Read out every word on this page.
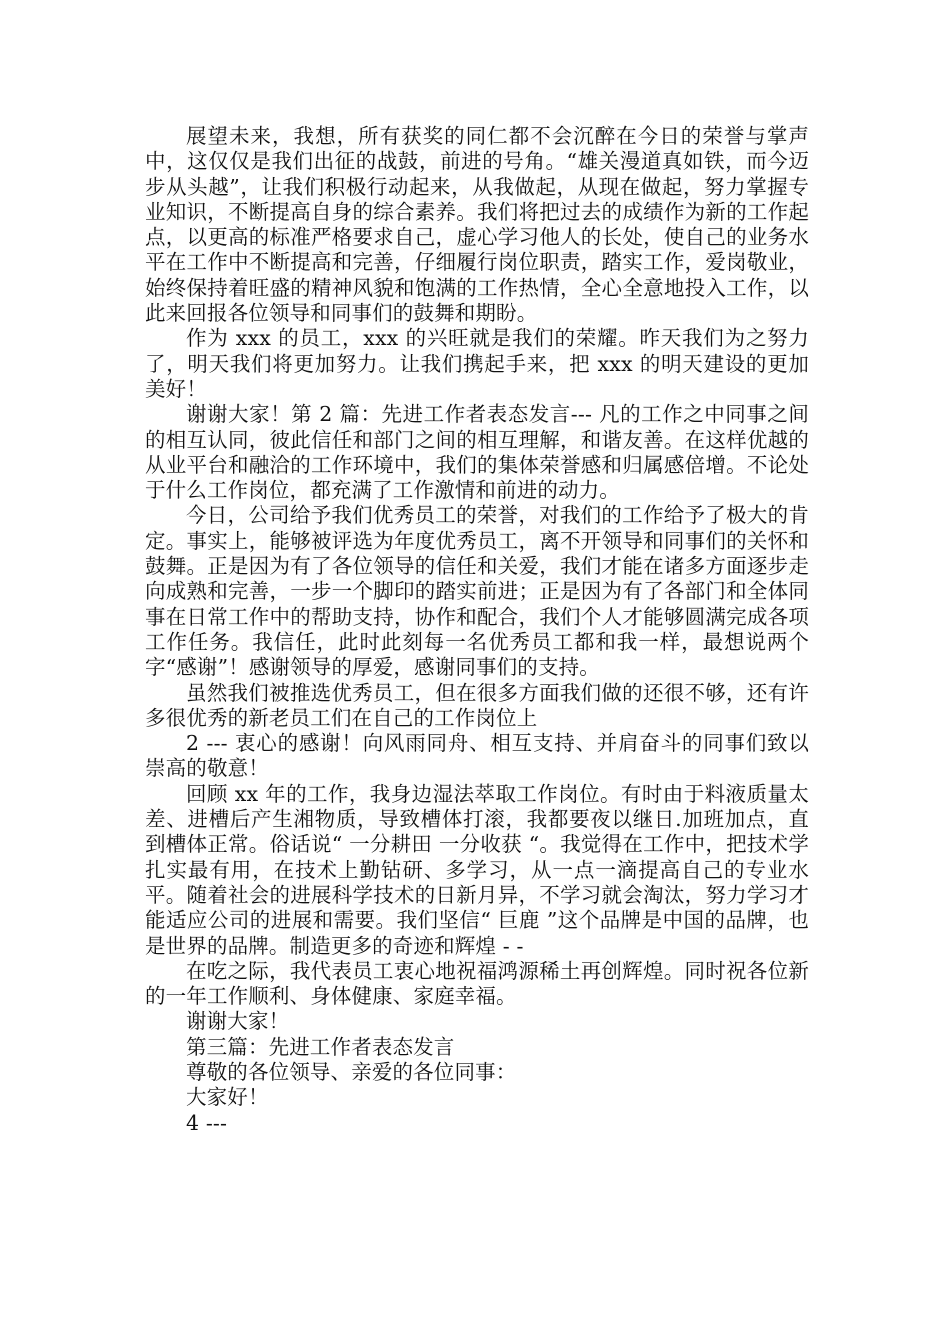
展望未来，我想，所有获奖的同仁都不会沉醉在今日的荣誉与掌声中，这仅仅是我们出征的战鼓，前进的号角。“雄关漫道真如铁，而今迈步从头越”，让我们积极行动起来，从我做起，从现在做起，努力掌握专业知识，不断提高自身的综合素养。我们将把过去的成绩作为新的工作起点，以更高的标准严格要求自己，虚心学习他人的长处，使自己的业务水平在工作中不断提高和完善，仔细履行岗位职责，踏实工作，爱岗敬业，始终保持着旺盛的精神风貌和饱满的工作热情，全心全意地投入工作，以此来回报各位领导和同事们的鼓舞和期盼。

作为 xxx 的员工，xxx 的兴旺就是我们的荣耀。昨天我们为之努力了，明天我们将更加努力。让我们携起手来，把 xxx 的明天建设的更加美好！

谢谢大家！第 2 篇：先进工作者表态发言--- 凡的工作之中同事之间的相互认同，彼此信任和部门之间的相互理解，和谐友善。在这样优越的从业平台和融洽的工作环境中，我们的集体荣誉感和归属感倍增。不论处于什么工作岗位，都充满了工作激情和前进的动力。

今日，公司给予我们优秀员工的荣誉，对我们的工作给予了极大的肯定。事实上，能够被评选为年度优秀员工，离不开领导和同事们的关怀和鼓舞。正是因为有了各位领导的信任和关爱，我们才能在诸多方面逐步走向成熟和完善，一步一个脚印的踏实前进；正是因为有了各部门和全体同事在日常工作中的帮助支持，协作和配合，我们个人才能够圆满完成各项工作任务。我信任，此时此刻每一名优秀员工都和我一样，最想说两个字“感谢”！感谢领导的厚爱，感谢同事们的支持。

虽然我们被推选优秀员工，但在很多方面我们做的还很不够，还有许多很优秀的新老员工们在自己的工作岗位上

2 --- 衷心的感谢！向风雨同舟、相互支持、并肩奋斗的同事们致以崇高的敬意！

回顾 xx 年的工作，我身边湿法萃取工作岗位。有时由于料液质量太差、进槽后产生湘物质，导致槽体打滚，我都要夜以继日.加班加点，直到槽体正常。俗话说“ 一分耕田 一分收获 “。我觉得在工作中，把技术学扎实最有用，在技术上勤钻研、多学习，从一点一滴提高自己的专业水平。随着社会的进展科学技术的日新月异，不学习就会淘汰，努力学习才能适应公司的进展和需要。我们坚信“ 巨鹿 ”这个品牌是中国的品牌，也是世界的品牌。制造更多的奇迹和辉煌 - -

在吃之际，我代表员工衷心地祝福鸿源稀土再创辉煌。同时祝各位新的一年工作顺利、身体健康、家庭幸福。

谢谢大家！

第三篇：先进工作者表态发言

尊敬的各位领导、亲爱的各位同事：

大家好！

4 ---
